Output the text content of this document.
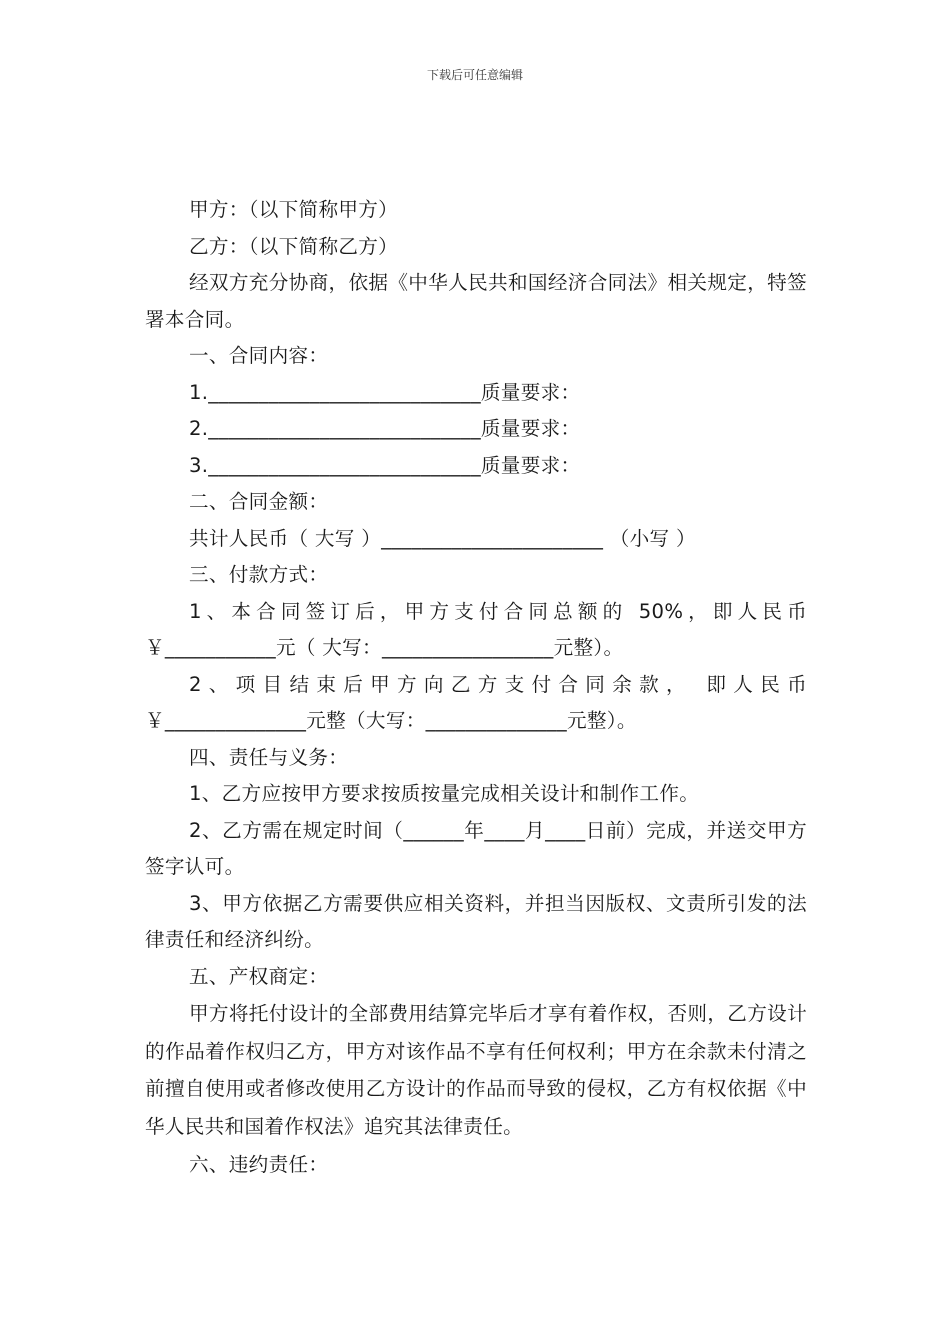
下载后可任意编辑
甲方：（以下简称甲方）
乙方：（以下简称乙方）
经双方充分协商，依据《中华人民共和国经济合同法》相关规定，特签署本合同。
一、合同内容：
1.___________________________质量要求：
2.___________________________质量要求：
3.___________________________质量要求：
二、合同金额：
共计人民币（ 大写 ）______________________ （小写 ）
三、付款方式：
1、本合同签订后，甲方支付合同总额的 50%，即人民币￥___________元（ 大写：_________________元整）。
2、项目结束后甲方向乙方支付合同余款， 即人民币￥______________元整（大写：______________元整）。
四、责任与义务：
1、乙方应按甲方要求按质按量完成相关设计和制作工作。
2、乙方需在规定时间（______年____月____日前）完成，并送交甲方签字认可。
3、甲方依据乙方需要供应相关资料，并担当因版权、文责所引发的法律责任和经济纠纷。
五、产权商定：
甲方将托付设计的全部费用结算完毕后才享有着作权，否则，乙方设计的作品着作权归乙方，甲方对该作品不享有任何权利；甲方在余款未付清之前擅自使用或者修改使用乙方设计的作品而导致的侵权，乙方有权依据《中华人民共和国着作权法》追究其法律责任。
六、违约责任：
